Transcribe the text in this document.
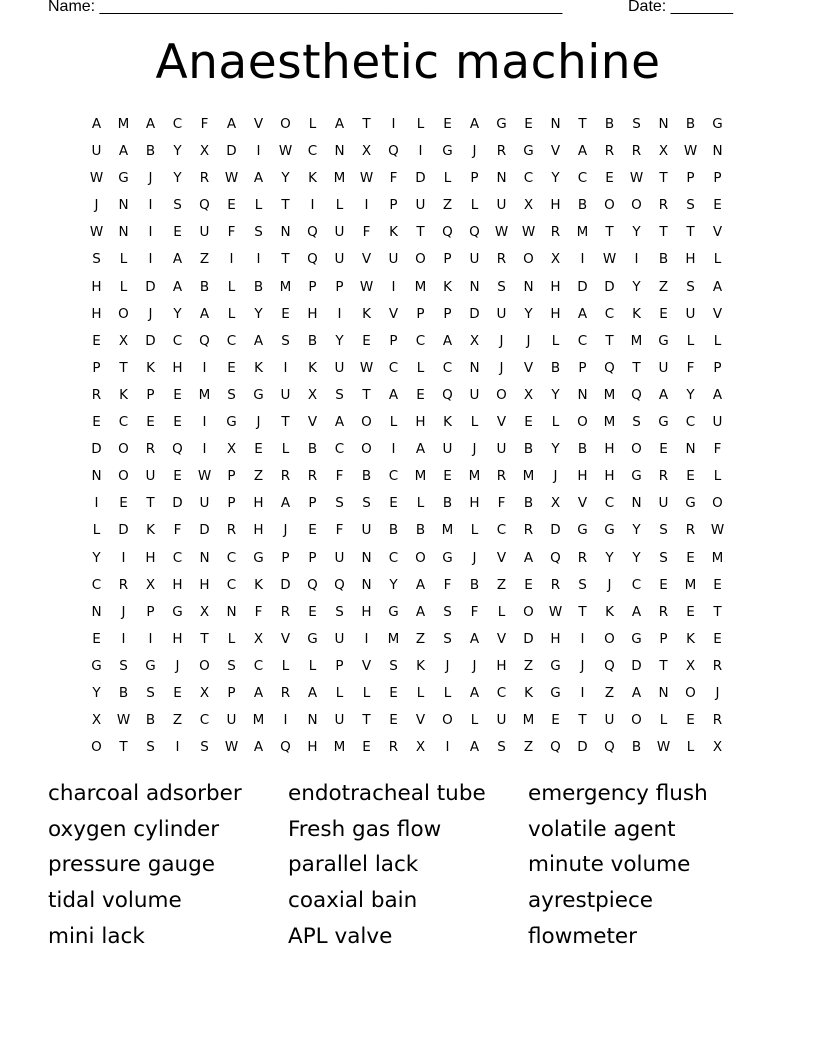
Name: ____________________________________________________	Date: _______
Anaesthetic machine
A	M	A	C	F	A	V	O	L	A	T	I	L	E	A	G	E	N	T	B	S	N	B	G
U	A	B	Y	X	D	I	W	C	N	X	Q	I	G	J	R	G	V	A	R	R	X	W	N
W	G	J	Y	R	W	A	Y	K	M	W	F	D	L	P	N	C	Y	C	E	W	T	P	P
J	N	I	S	Q	E	L	T	I	L	I	P	U	Z	L	U	X	H	B	O	O	R	S	E
W	N	I	E	U	F	S	N	Q	U	F	K	T	Q	Q	W	W	R	M	T	Y	T	T	V
S	L	I	A	Z	I	I	T	Q	U	V	U	O	P	U	R	O	X	I	W	I	B	H	L
H	L	D	A	B	L	B	M	P	P	W	I	M	K	N	S	N	H	D	D	Y	Z	S	A
H	O	J	Y	A	L	Y	E	H	I	K	V	P	P	D	U	Y	H	A	C	K	E	U	V
E	X	D	C	Q	C	A	S	B	Y	E	P	C	A	X	J	J	L	C	T	M	G	L	L
P	T	K	H	I	E	K	I	K	U	W	C	L	C	N	J	V	B	P	Q	T	U	F	P
R	K	P	E	M	S	G	U	X	S	T	A	E	Q	U	O	X	Y	N	M	Q	A	Y	A
E	C	E	E	I	G	J	T	V	A	O	L	H	K	L	V	E	L	O	M	S	G	C	U
D	O	R	Q	I	X	E	L	B	C	O	I	A	U	J	U	B	Y	B	H	O	E	N	F
N	O	U	E	W	P	Z	R	R	F	B	C	M	E	M	R	M	J	H	H	G	R	E	L
I	E	T	D	U	P	H	A	P	S	S	E	L	B	H	F	B	X	V	C	N	U	G	O
L	D	K	F	D	R	H	J	E	F	U	B	B	M	L	C	R	D	G	G	Y	S	R	W
Y	I	H	C	N	C	G	P	P	U	N	C	O	G	J	V	A	Q	R	Y	Y	S	E	M
C	R	X	H	H	C	K	D	Q	Q	N	Y	A	F	B	Z	E	R	S	J	C	E	M	E
N	J	P	G	X	N	F	R	E	S	H	G	A	S	F	L	O	W	T	K	A	R	E	T
E	I	I	H	T	L	X	V	G	U	I	M	Z	S	A	V	D	H	I	O	G	P	K	E
G	S	G	J	O	S	C	L	L	P	V	S	K	J	J	H	Z	G	J	Q	D	T	X	R
Y	B	S	E	X	P	A	R	A	L	L	E	L	L	A	C	K	G	I	Z	A	N	O	J
X	W	B	Z	C	U	M	I	N	U	T	E	V	O	L	U	M	E	T	U	O	L	E	R
O	T	S	I	S	W	A	Q	H	M	E	R	X	I	A	S	Z	Q	D	Q	B	W	L	X
charcoal adsorber	endotracheal tube	emergency flush
oxygen cylinder	Fresh gas flow	volatile agent
pressure gauge	parallel lack	minute volume
tidal volume	coaxial bain	ayrestpiece
mini lack	APL valve	flowmeter
